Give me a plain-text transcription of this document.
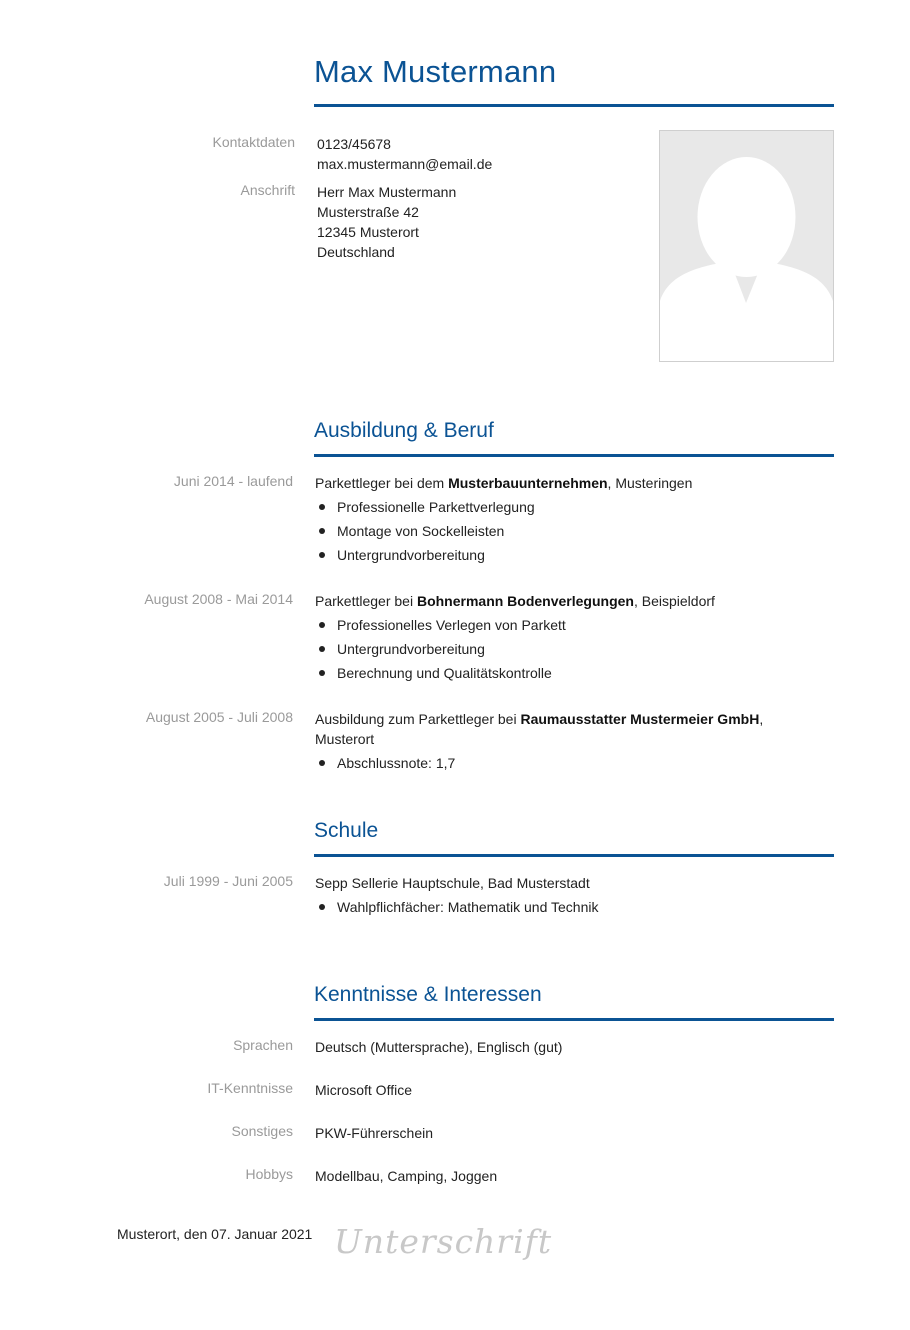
Max Mustermann
Kontaktdaten 0123/45678
max.mustermann@email.de
Anschrift Herr Max Mustermann
Musterstraße 42
12345 Musterort
Deutschland
Ausbildung & Beruf
Juni 2014 - laufend Parkettleger bei dem Musterbauunternehmen, Musteringen
Professionelle Parkettverlegung
Montage von Sockelleisten
Untergrundvorbereitung
August 2008 - Mai 2014 Parkettleger bei Bohnermann Bodenverlegungen, Beispieldorf
Professionelles Verlegen von Parkett
Untergrundvorbereitung
Berechnung und Qualitätskontrolle
August 2005 - Juli 2008 Ausbildung zum Parkettleger bei Raumausstatter Mustermeier GmbH,
Musterort
Abschlussnote: 1,7
Schule
Juli 1999 - Juni 2005 Sepp Sellerie Hauptschule, Bad Musterstadt
Wahlpflichfächer: Mathematik und Technik
Kenntnisse & Interessen
Sprachen Deutsch (Muttersprache), Englisch (gut)
IT-Kenntnisse Microsoft Office
Sonstiges PKW-Führerschein
Hobbys Modellbau, Camping, Joggen
Musterort, den 07. Januar 2021 Unterschrift
